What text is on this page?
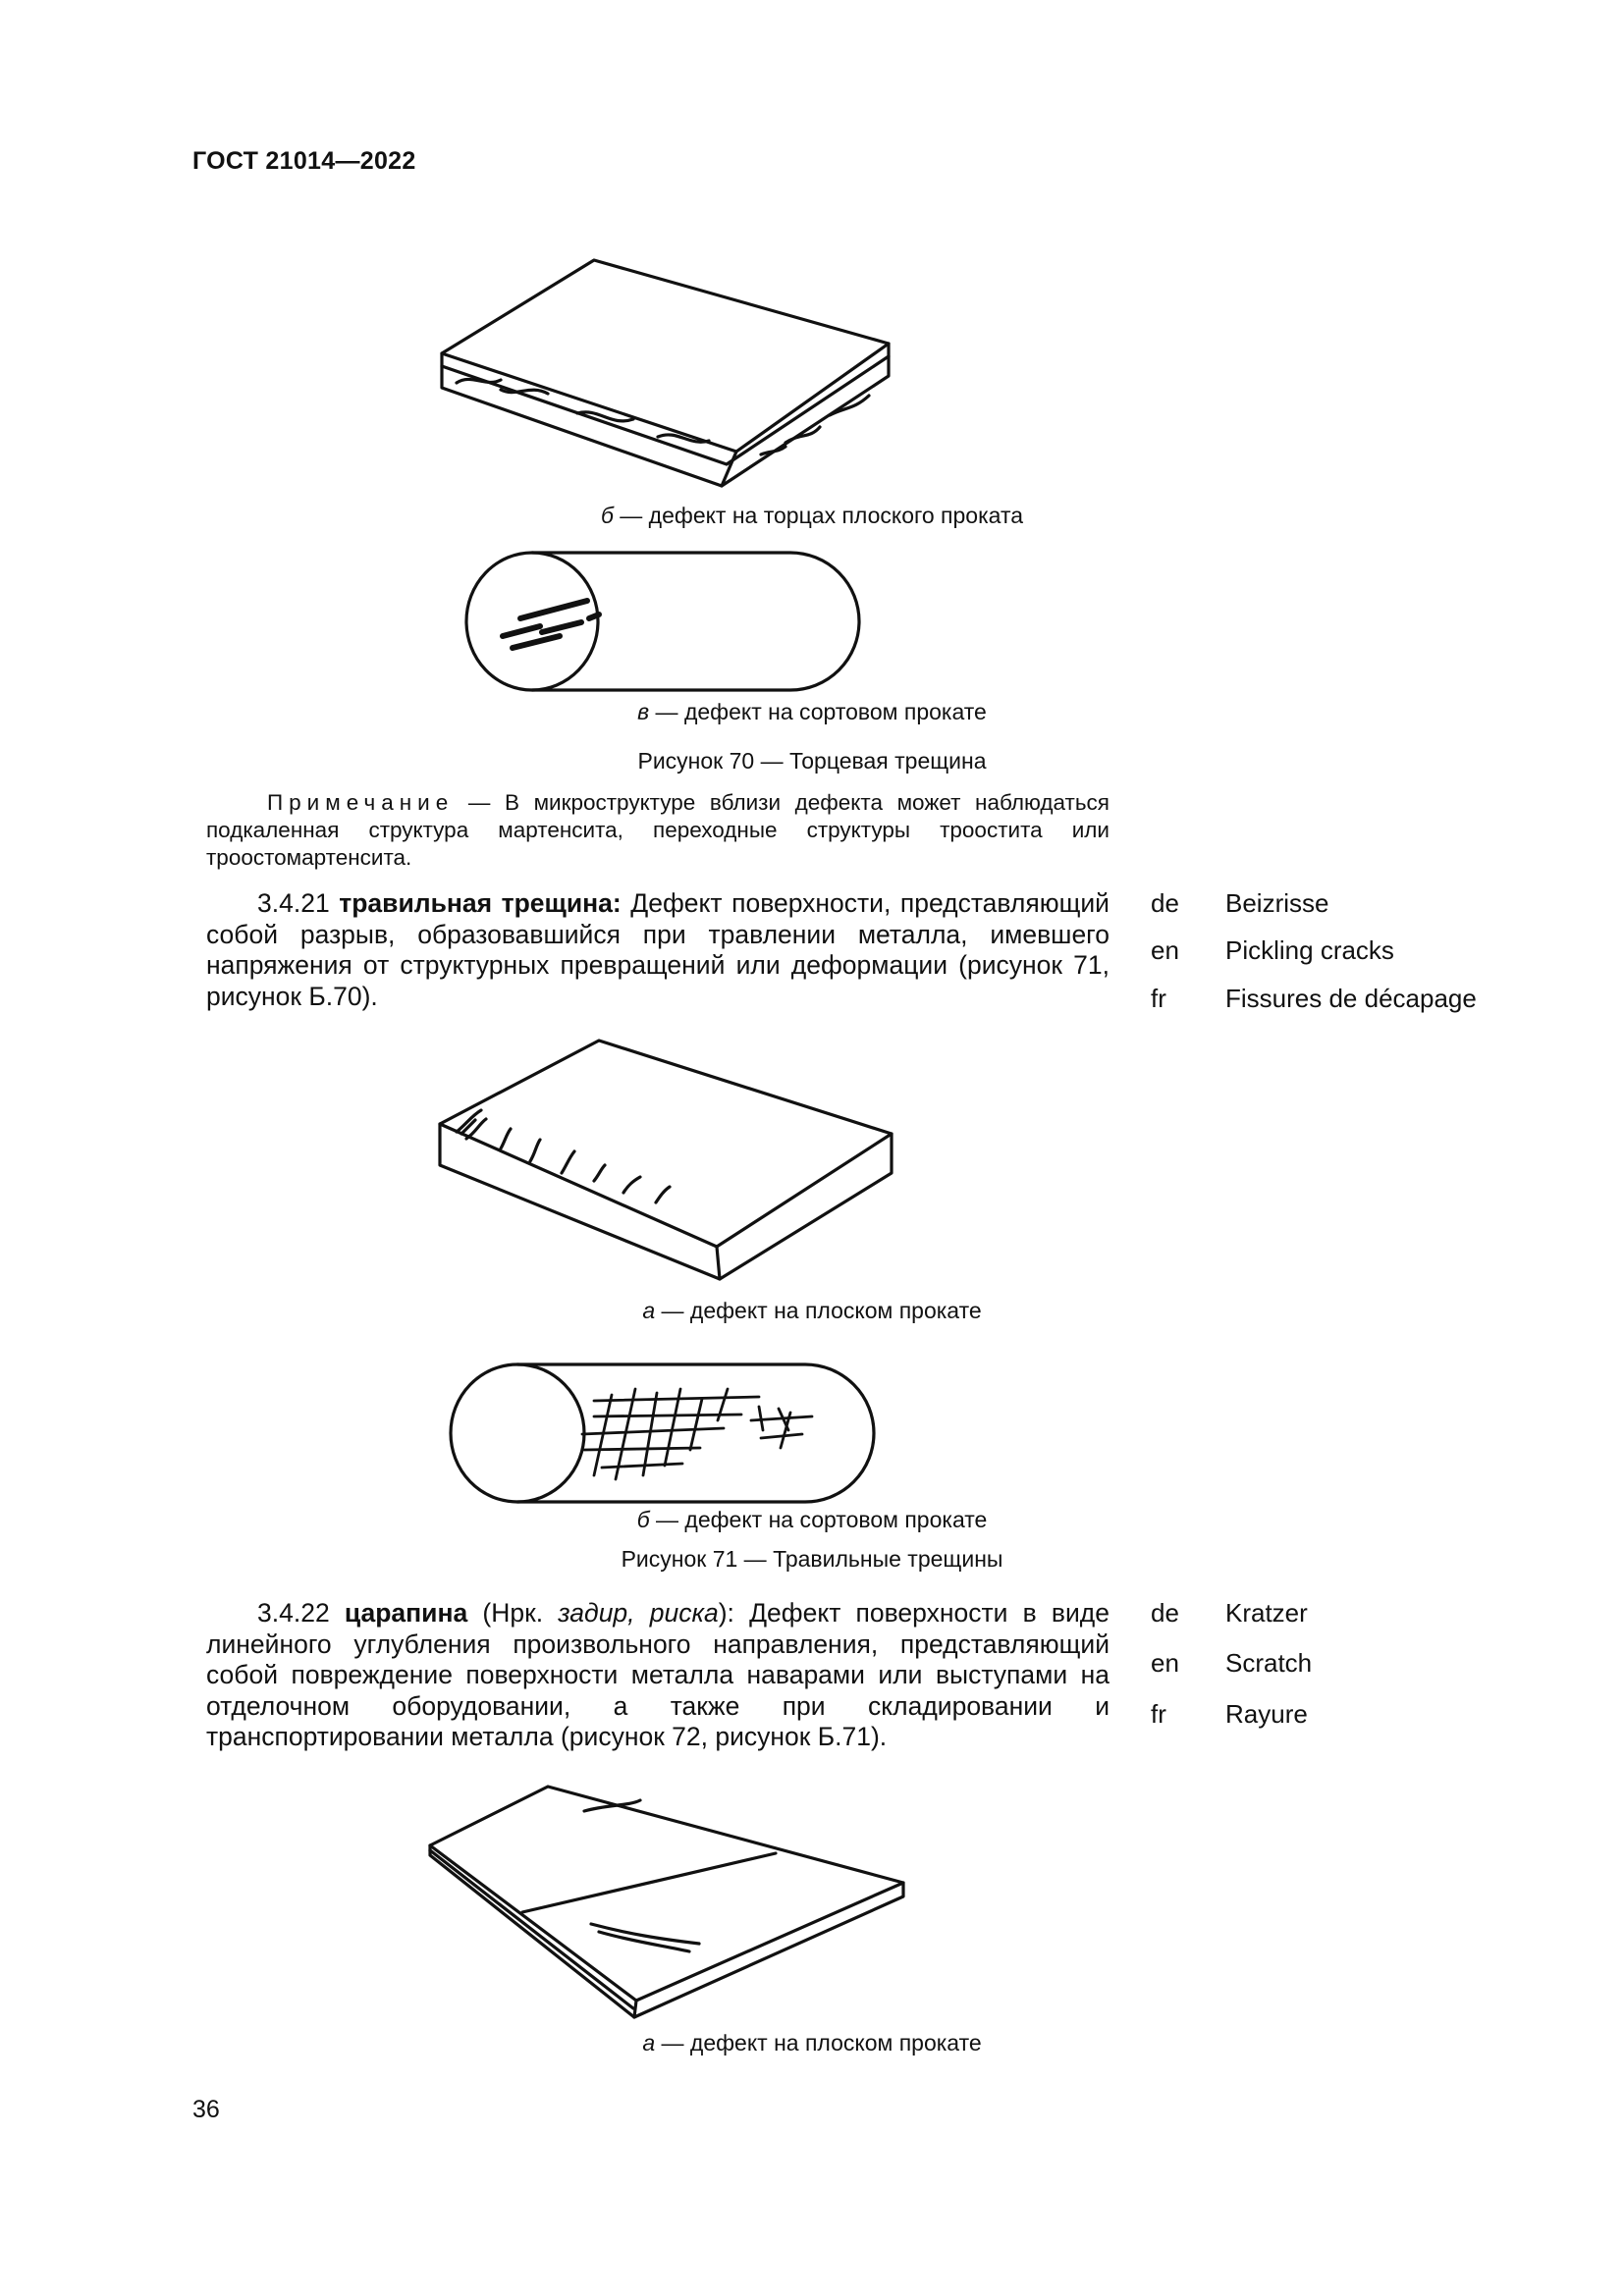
ГОСТ 21014—2022
б — дефект на торцах плоского проката
в — дефект на сортовом прокате
Рисунок 70 — Торцевая трещина
Примечание — В микроструктуре вблизи дефекта может наблюдаться подкаленная структура мартенсита, переходные структуры троостита или троостомартенсита.
3.4.21 травильная трещина: Дефект поверхности, представляющий собой разрыв, образовавшийся при травлении металла, имевшего напряжения от структурных превращений или деформации (рисунок 71, рисунок Б.70).
de Beizrisse
en Pickling cracks
fr Fissures de décapage
а — дефект на плоском прокате
б — дефект на сортовом прокате
Рисунок 71 — Травильные трещины
3.4.22 царапина (Нрк. задир, риска): Дефект поверхности в виде линейного углубления произвольного направления, представляющий собой повреждение поверхности металла наварами или выступами на отделочном оборудовании, а также при складировании и транспортировании металла (рисунок 72, рисунок Б.71).
de Kratzer
en Scratch
fr Rayure
а — дефект на плоском прокате
36
